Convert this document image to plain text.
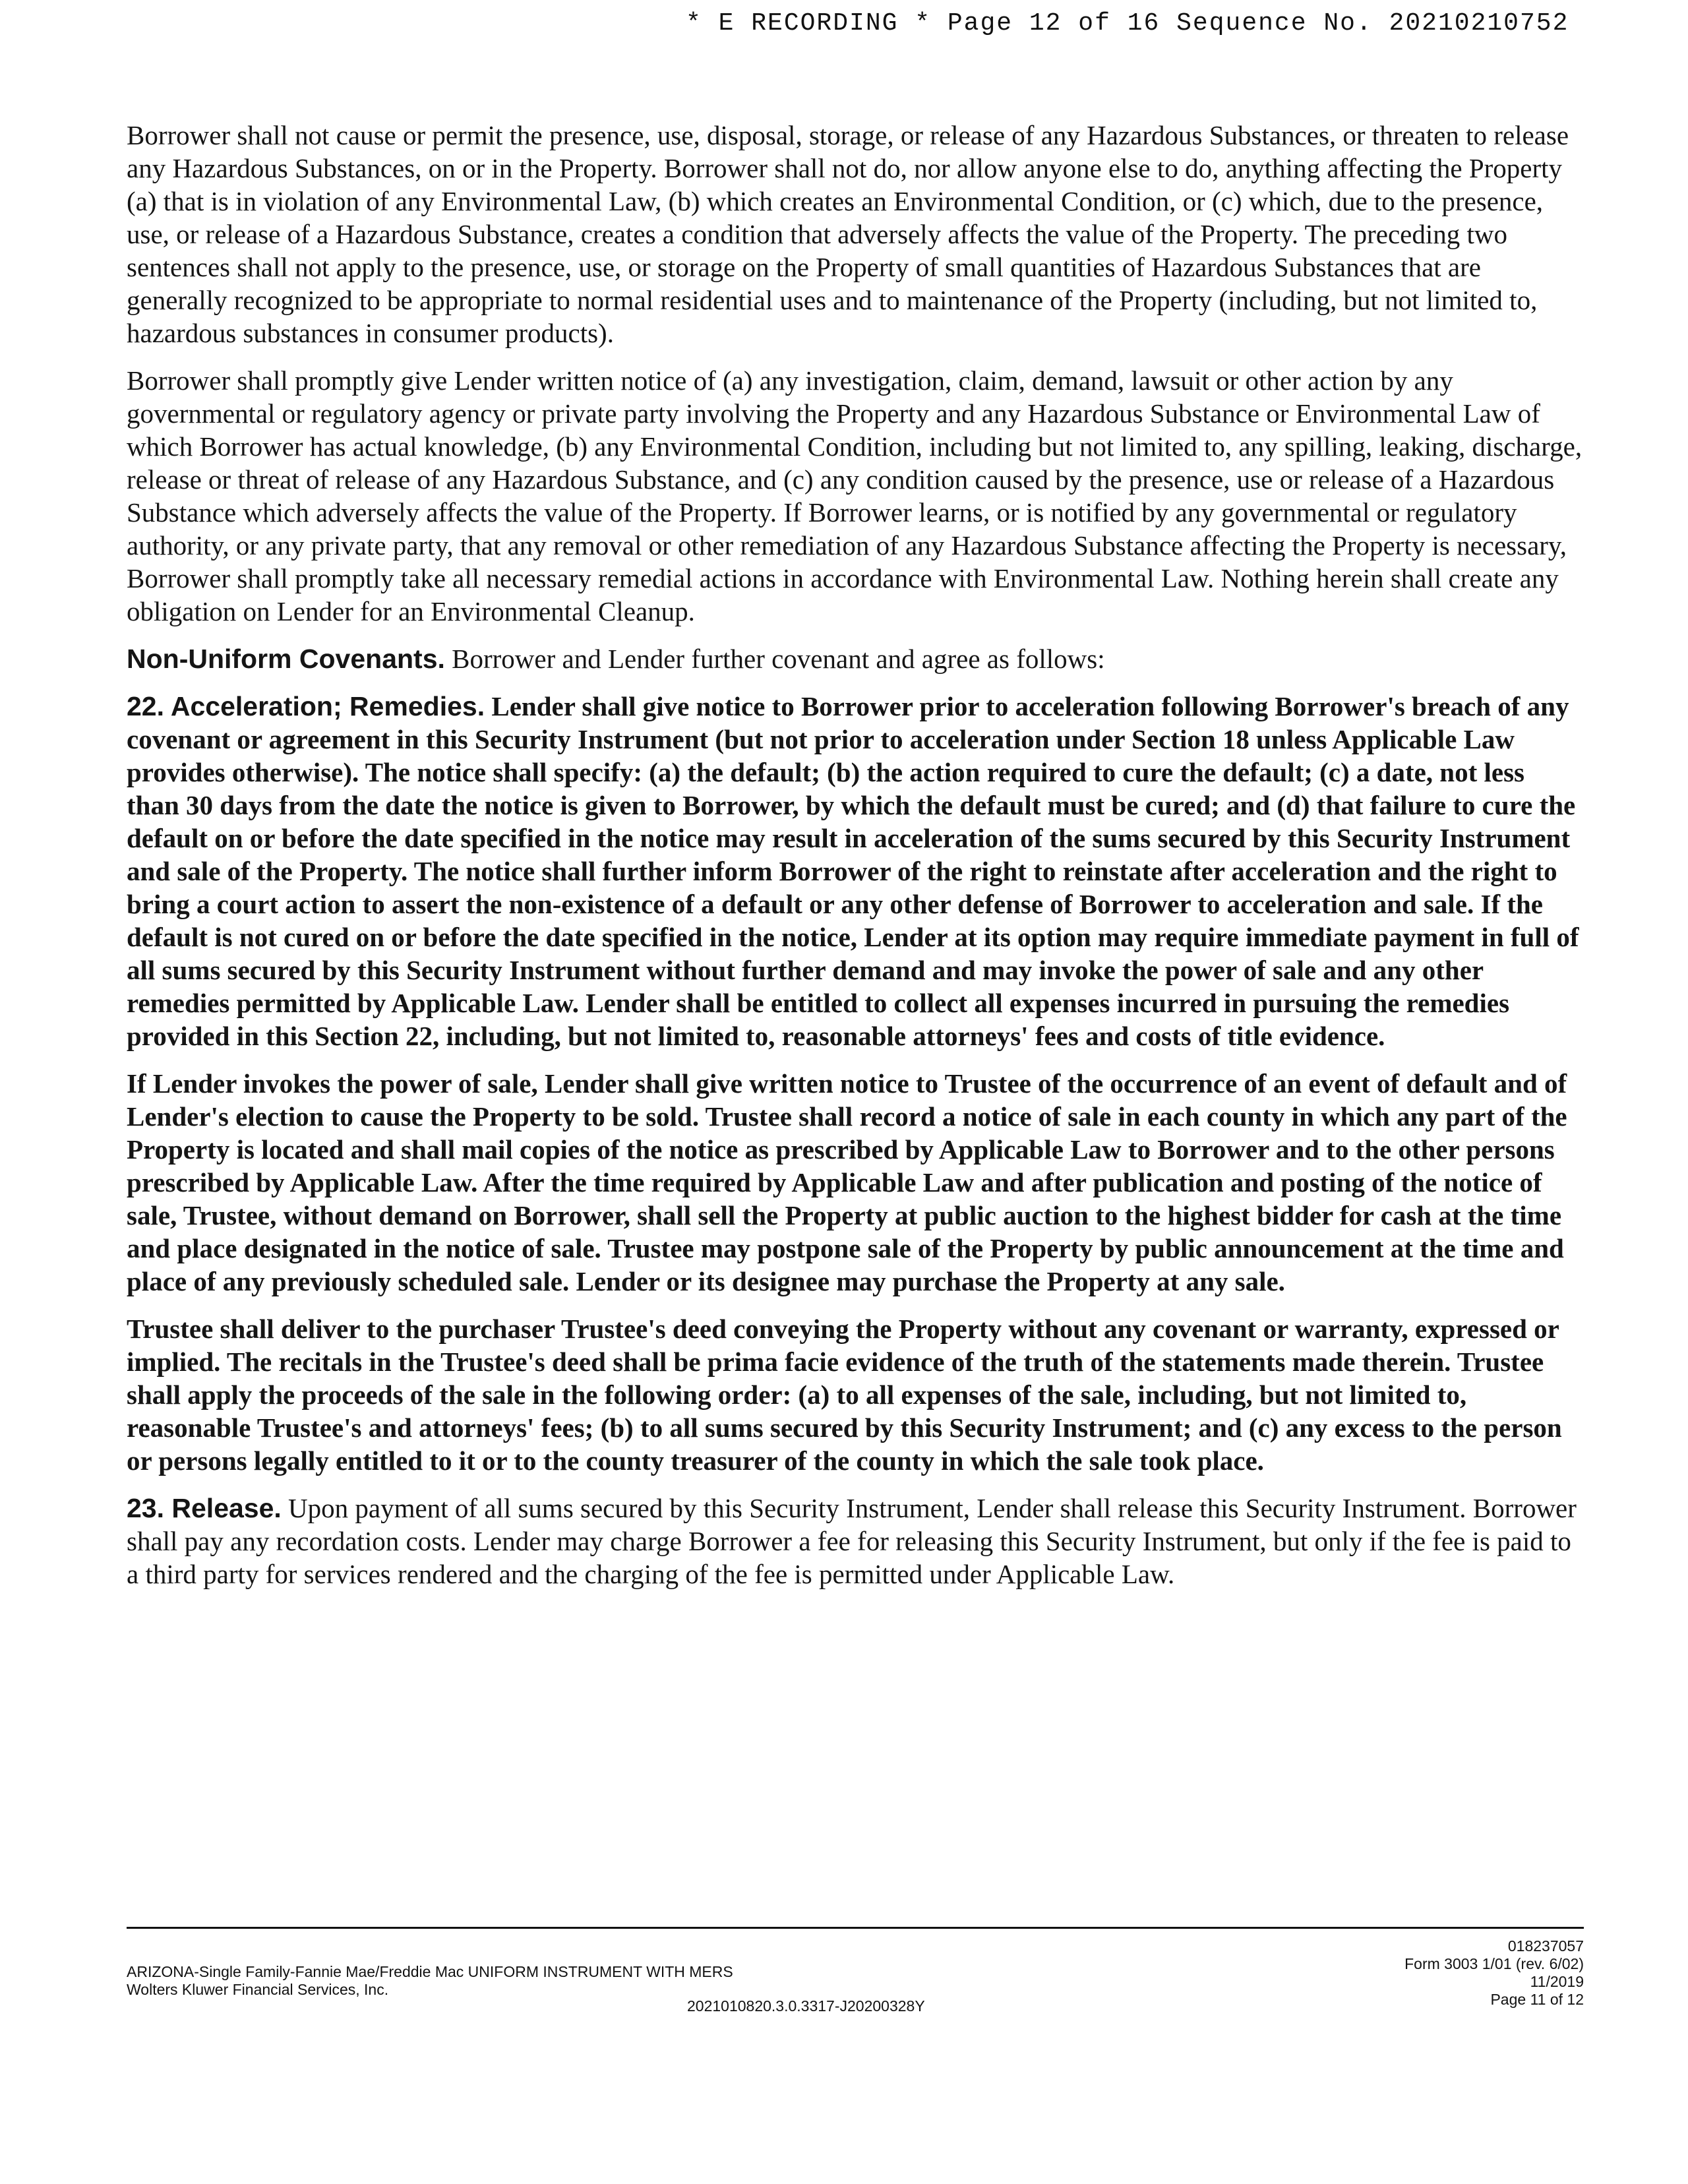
* E RECORDING * Page 12 of 16 Sequence No. 20210210752

Borrower shall not cause or permit the presence, use, disposal, storage, or release of any Hazardous Substances, or threaten to release any Hazardous Substances, on or in the Property. Borrower shall not do, nor allow anyone else to do, anything affecting the Property (a) that is in violation of any Environmental Law, (b) which creates an Environmental Condition, or (c) which, due to the presence, use, or release of a Hazardous Substance, creates a condition that adversely affects the value of the Property. The preceding two sentences shall not apply to the presence, use, or storage on the Property of small quantities of Hazardous Substances that are generally recognized to be appropriate to normal residential uses and to maintenance of the Property (including, but not limited to, hazardous substances in consumer products).

Borrower shall promptly give Lender written notice of (a) any investigation, claim, demand, lawsuit or other action by any governmental or regulatory agency or private party involving the Property and any Hazardous Substance or Environmental Law of which Borrower has actual knowledge, (b) any Environmental Condition, including but not limited to, any spilling, leaking, discharge, release or threat of release of any Hazardous Substance, and (c) any condition caused by the presence, use or release of a Hazardous Substance which adversely affects the value of the Property. If Borrower learns, or is notified by any governmental or regulatory authority, or any private party, that any removal or other remediation of any Hazardous Substance affecting the Property is necessary, Borrower shall promptly take all necessary remedial actions in accordance with Environmental Law. Nothing herein shall create any obligation on Lender for an Environmental Cleanup.

Non-Uniform Covenants. Borrower and Lender further covenant and agree as follows:

22. Acceleration; Remedies. Lender shall give notice to Borrower prior to acceleration following Borrower's breach of any covenant or agreement in this Security Instrument (but not prior to acceleration under Section 18 unless Applicable Law provides otherwise). The notice shall specify: (a) the default; (b) the action required to cure the default; (c) a date, not less than 30 days from the date the notice is given to Borrower, by which the default must be cured; and (d) that failure to cure the default on or before the date specified in the notice may result in acceleration of the sums secured by this Security Instrument and sale of the Property. The notice shall further inform Borrower of the right to reinstate after acceleration and the right to bring a court action to assert the non-existence of a default or any other defense of Borrower to acceleration and sale. If the default is not cured on or before the date specified in the notice, Lender at its option may require immediate payment in full of all sums secured by this Security Instrument without further demand and may invoke the power of sale and any other remedies permitted by Applicable Law. Lender shall be entitled to collect all expenses incurred in pursuing the remedies provided in this Section 22, including, but not limited to, reasonable attorneys' fees and costs of title evidence.

If Lender invokes the power of sale, Lender shall give written notice to Trustee of the occurrence of an event of default and of Lender's election to cause the Property to be sold. Trustee shall record a notice of sale in each county in which any part of the Property is located and shall mail copies of the notice as prescribed by Applicable Law to Borrower and to the other persons prescribed by Applicable Law. After the time required by Applicable Law and after publication and posting of the notice of sale, Trustee, without demand on Borrower, shall sell the Property at public auction to the highest bidder for cash at the time and place designated in the notice of sale. Trustee may postpone sale of the Property by public announcement at the time and place of any previously scheduled sale. Lender or its designee may purchase the Property at any sale.

Trustee shall deliver to the purchaser Trustee's deed conveying the Property without any covenant or warranty, expressed or implied. The recitals in the Trustee's deed shall be prima facie evidence of the truth of the statements made therein. Trustee shall apply the proceeds of the sale in the following order: (a) to all expenses of the sale, including, but not limited to, reasonable Trustee's and attorneys' fees; (b) to all sums secured by this Security Instrument; and (c) any excess to the person or persons legally entitled to it or to the county treasurer of the county in which the sale took place.

23. Release. Upon payment of all sums secured by this Security Instrument, Lender shall release this Security Instrument. Borrower shall pay any recordation costs. Lender may charge Borrower a fee for releasing this Security Instrument, but only if the fee is paid to a third party for services rendered and the charging of the fee is permitted under Applicable Law.

ARIZONA-Single Family-Fannie Mae/Freddie Mac UNIFORM INSTRUMENT WITH MERS
Wolters Kluwer Financial Services, Inc.
2021010820.3.0.3317-J20200328Y
018237057
Form 3003 1/01 (rev. 6/02)
11/2019
Page 11 of 12
